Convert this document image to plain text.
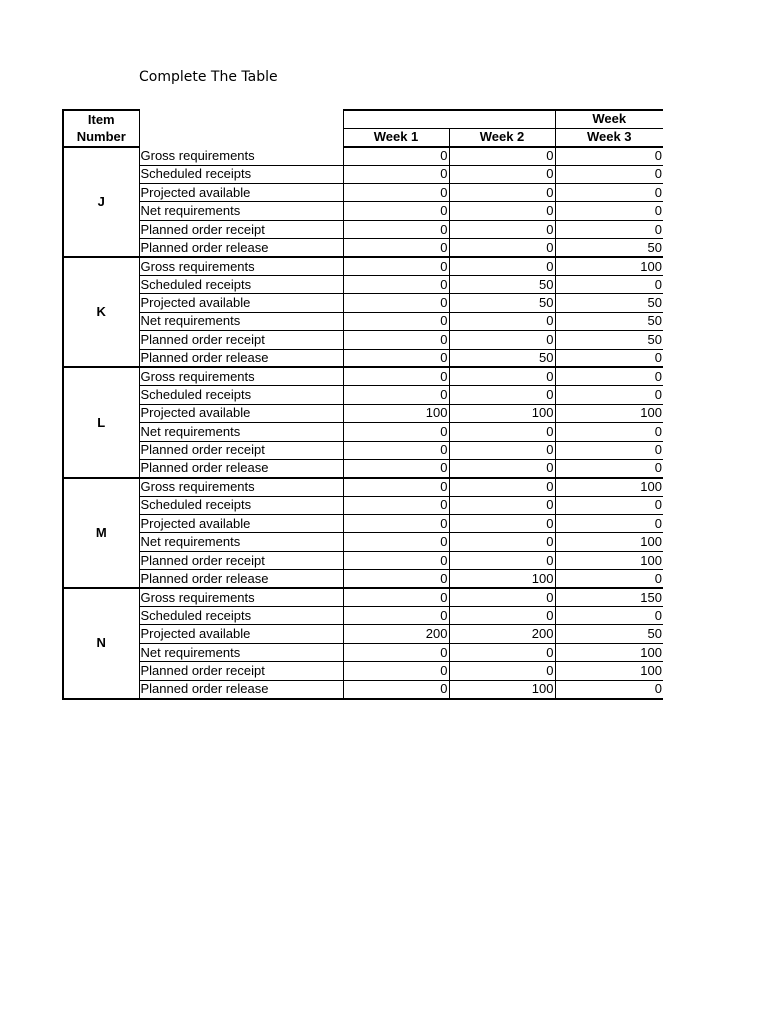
Complete The Table
Item				Week
Number		Week 1	Week 2	Week 3
J	Gross requirements	0	0	0
	Scheduled receipts	0	0	0
	Projected available	0	0	0
	Net requirements	0	0	0
	Planned order receipt	0	0	0
	Planned order release	0	0	50
K	Gross requirements	0	0	100
	Scheduled receipts	0	50	0
	Projected available	0	50	50
	Net requirements	0	0	50
	Planned order receipt	0	0	50
	Planned order release	0	50	0
L	Gross requirements	0	0	0
	Scheduled receipts	0	0	0
	Projected available	100	100	100
	Net requirements	0	0	0
	Planned order receipt	0	0	0
	Planned order release	0	0	0
M	Gross requirements	0	0	100
	Scheduled receipts	0	0	0
	Projected available	0	0	0
	Net requirements	0	0	100
	Planned order receipt	0	0	100
	Planned order release	0	100	0
N	Gross requirements	0	0	150
	Scheduled receipts	0	0	0
	Projected available	200	200	50
	Net requirements	0	0	100
	Planned order receipt	0	0	100
	Planned order release	0	100	0
